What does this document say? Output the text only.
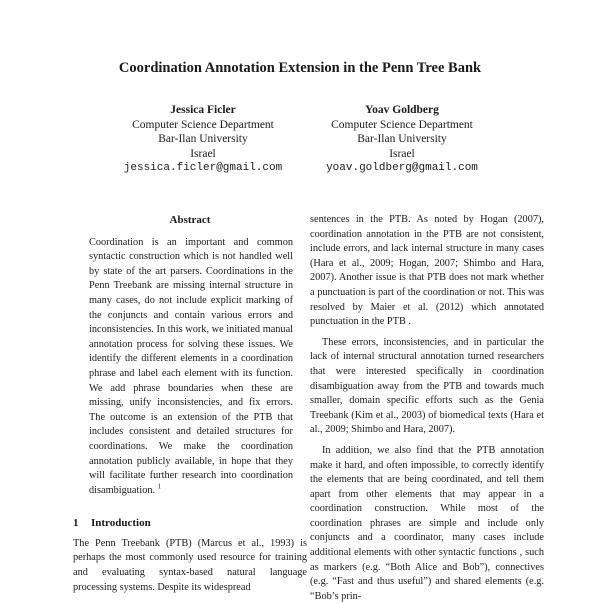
Coordination Annotation Extension in the Penn Tree Bank
Jessica Ficler
Computer Science Department
Bar-Ilan University
Israel
jessica.ficler@gmail.com
Yoav Goldberg
Computer Science Department
Bar-Ilan University
Israel
yoav.goldberg@gmail.com
Abstract
Coordination is an important and common syntactic construction which is not handled well by state of the art parsers. Coordinations in the Penn Treebank are missing internal structure in many cases, do not include explicit marking of the conjuncts and contain various errors and inconsistencies. In this work, we initiated manual annotation process for solving these issues. We identify the different elements in a coordination phrase and label each element with its function. We add phrase boundaries when these are missing, unify inconsistencies, and fix errors. The outcome is an extension of the PTB that includes consistent and detailed structures for coordinations. We make the coordination annotation publicly available, in hope that they will facilitate further research into coordination disambiguation. $^1$
1 Introduction

The Penn Treebank (PTB) (Marcus et al., 1993) is perhaps the most commonly used resource for training and evaluating syntax-based natural language processing systems. Despite its widespread

sentences in the PTB. As noted by Hogan (2007), coordination annotation in the PTB are not consistent, include errors, and lack internal structure in many cases (Hara et al., 2009; Hogan, 2007; Shimbo and Hara, 2007). Another issue is that PTB does not mark whether a punctuation is part of the coordination or not. This was resolved by Maier et al. (2012) which annotated punctuation in the PTB .

These errors, inconsistencies, and in particular the lack of internal structural annotation turned researchers that were interested specifically in coordination disambiguation away from the PTB and towards much smaller, domain specific efforts such as the Genia Treebank (Kim et al., 2003) of biomedical texts (Hara et al., 2009; Shimbo and Hara, 2007).

In addition, we also find that the PTB annotation make it hard, and often impossible, to correctly identify the elements that are being coordinated, and tell them apart from other elements that may appear in a coordination construction. While most of the coordination phrases are simple and include only conjuncts and a coordinator, many cases include additional elements with other syntactic functions , such as markers (e.g. “Both Alice and Bob”), connectives (e.g. “Fast and thus useful”) and shared elements (e.g. “Bob’s prin-
